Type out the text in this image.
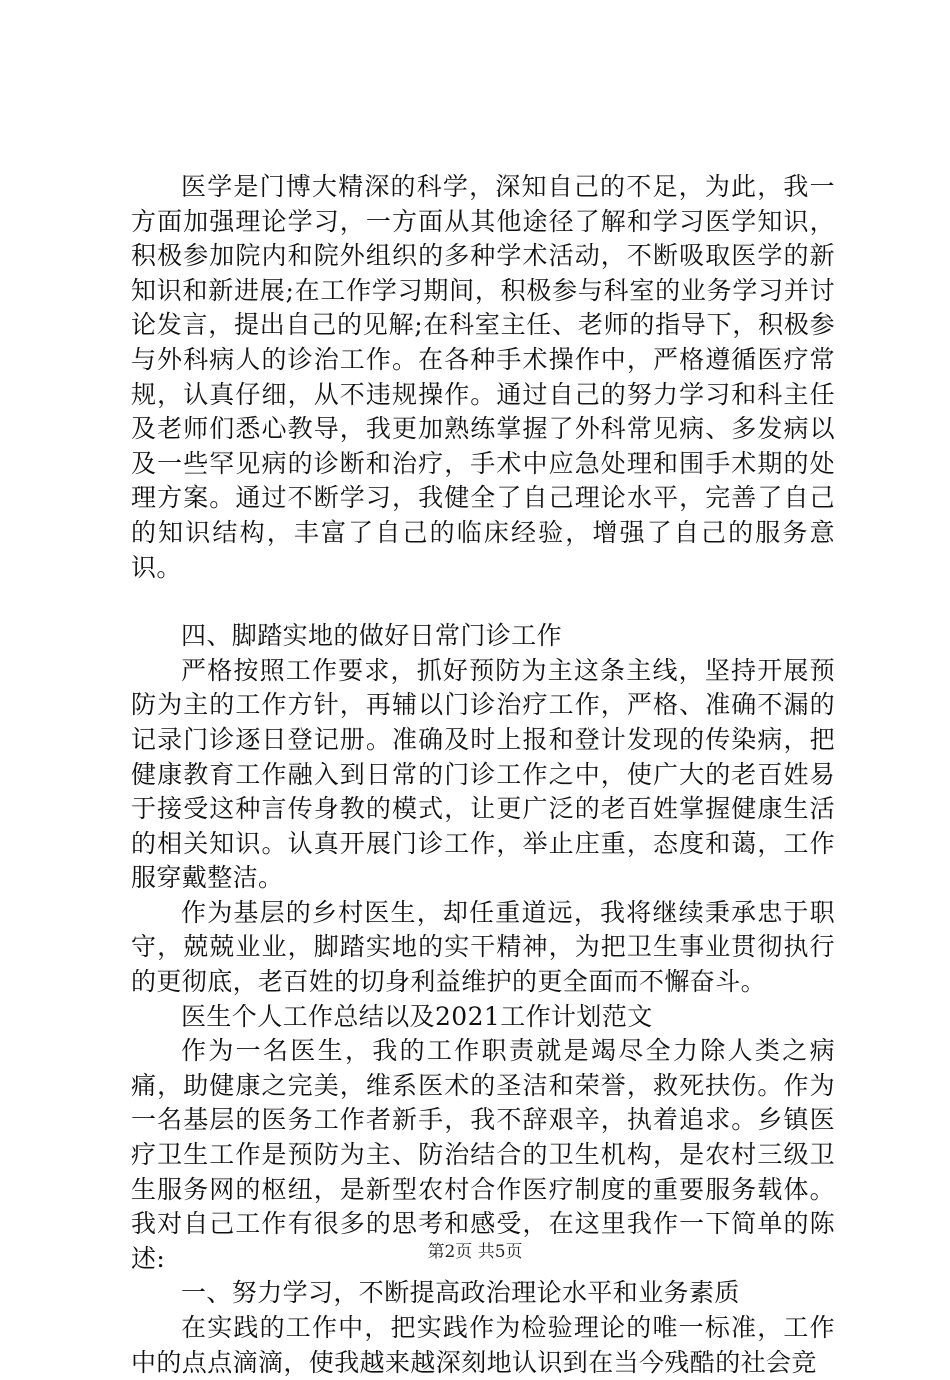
医学是门博大精深的科学，深知自己的不足，为此，我一方面加强理论学习，一方面从其他途径了解和学习医学知识，积极参加院内和院外组织的多种学术活动，不断吸取医学的新知识和新进展;在工作学习期间，积极参与科室的业务学习并讨论发言，提出自己的见解;在科室主任、老师的指导下，积极参与外科病人的诊治工作。在各种手术操作中，严格遵循医疗常规，认真仔细，从不违规操作。通过自己的努力学习和科主任及老师们悉心教导，我更加熟练掌握了外科常见病、多发病以及一些罕见病的诊断和治疗，手术中应急处理和围手术期的处理方案。通过不断学习，我健全了自己理论水平，完善了自己的知识结构，丰富了自己的临床经验，增强了自己的服务意识。

四、脚踏实地的做好日常门诊工作

严格按照工作要求，抓好预防为主这条主线，坚持开展预防为主的工作方针，再辅以门诊治疗工作，严格、准确不漏的记录门诊逐日登记册。准确及时上报和登计发现的传染病，把健康教育工作融入到日常的门诊工作之中，使广大的老百姓易于接受这种言传身教的模式，让更广泛的老百姓掌握健康生活的相关知识。认真开展门诊工作，举止庄重，态度和蔼，工作服穿戴整洁。

作为基层的乡村医生，却任重道远，我将继续秉承忠于职守，兢兢业业，脚踏实地的实干精神，为把卫生事业贯彻执行的更彻底，老百姓的切身利益维护的更全面而不懈奋斗。

医生个人工作总结以及2021工作计划范文

作为一名医生，我的工作职责就是竭尽全力除人类之病痛，助健康之完美，维系医术的圣洁和荣誉，救死扶伤。作为一名基层的医务工作者新手，我不辞艰辛，执着追求。乡镇医疗卫生工作是预防为主、防治结合的卫生机构，是农村三级卫生服务网的枢纽，是新型农村合作医疗制度的重要服务载体。我对自己工作有很多的思考和感受，在这里我作一下简单的陈述:

一、努力学习，不断提高政治理论水平和业务素质

在实践的工作中，把实践作为检验理论的唯一标准，工作中的点点滴滴，使我越来越深刻地认识到在当今残酷的社会竞

第2页 共5页
